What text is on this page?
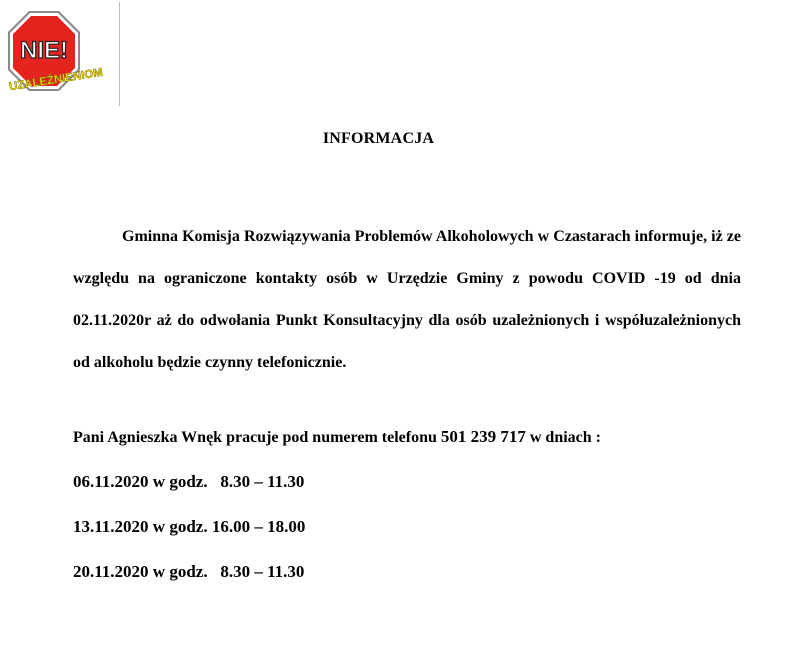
NIE!
UZALEŻNIENIOM
INFORMACJA
Gminna Komisja Rozwiązywania Problemów Alkoholowych w Czastarach informuje, iż ze względu na ograniczone kontakty osób w Urzędzie Gminy z powodu COVID -19 od dnia 02.11.2020r aż do odwołania Punkt Konsultacyjny dla osób uzależnionych i współuzależnionych od alkoholu będzie czynny telefonicznie.
Pani Agnieszka Wnęk pracuje pod numerem telefonu 501 239 717 w dniach :
06.11.2020 w godz.   8.30 – 11.30
13.11.2020 w godz. 16.00 – 18.00
20.11.2020 w godz.   8.30 – 11.30
